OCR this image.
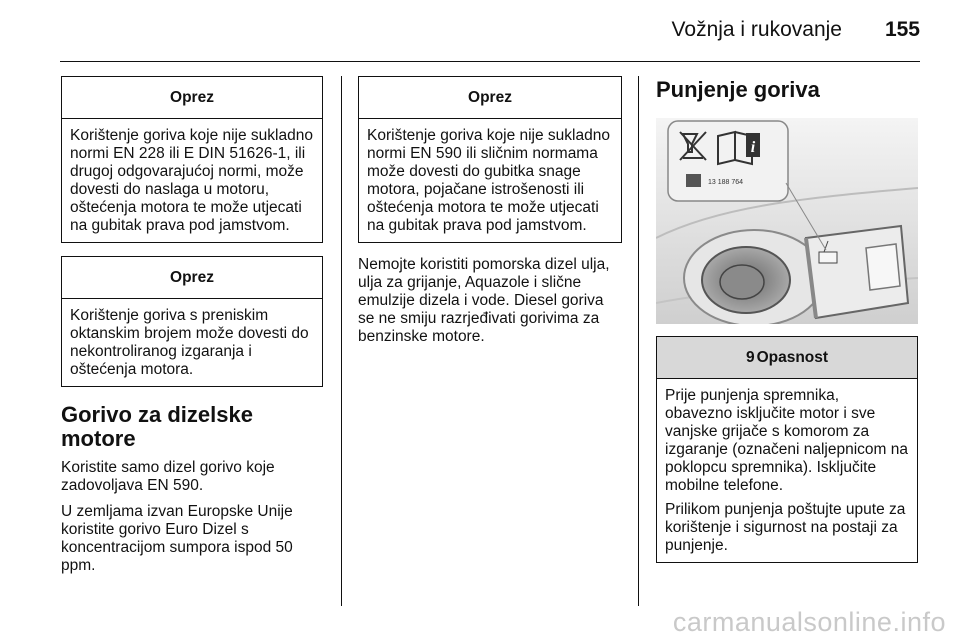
Vožnja i rukovanje 155
Oprez

Korištenje goriva koje nije sukladno normi EN 228 ili E DIN 51626-1, ili drugoj odgovarajućoj normi, može dovesti do naslaga u motoru, oštećenja motora te može utjecati na gubitak prava pod jamstvom.

Oprez

Korištenje goriva s preniskim oktanskim brojem može dovesti do nekontroliranog izgaranja i oštećenja motora.

Gorivo za dizelske motore

Koristite samo dizel gorivo koje zadovoljava EN 590.

U zemljama izvan Europske Unije koristite gorivo Euro Dizel s koncentracijom sumpora ispod 50 ppm.

Oprez

Korištenje goriva koje nije sukladno normi EN 590 ili sličnim normama može dovesti do gubitka snage motora, pojačane istrošenosti ili oštećenja motora te može utjecati na gubitak prava pod jamstvom.

Nemojte koristiti pomorska dizel ulja, ulja za grijanje, Aquazole i slične emulzije dizela i vode. Diesel goriva se ne smiju razrjeđivati gorivima za benzinske motore.

Punjenje goriva
i
13 188 764
9 Opasnost

Prije punjenja spremnika, obavezno isključite motor i sve vanjske grijače s komorom za izgaranje (označeni naljepnicom na poklopcu spremnika). Isključite mobilne telefone.

Prilikom punjenja poštujte upute za korištenje i sigurnost na postaji za punjenje.

carmanualsonline.info
